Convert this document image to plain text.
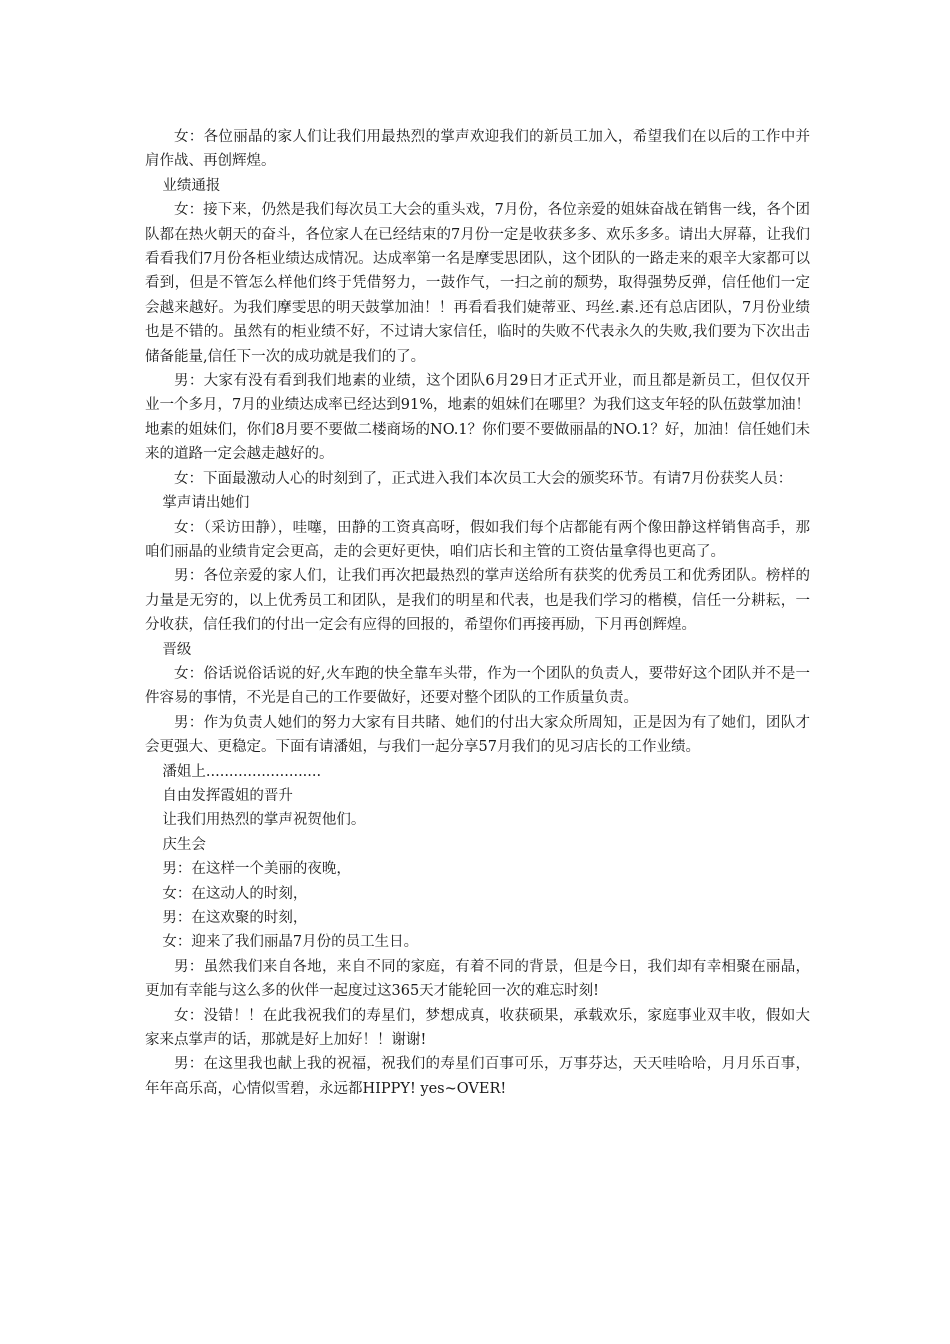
女：各位丽晶的家人们让我们用最热烈的掌声欢迎我们的新员工加入，希望我们在以后的工作中并肩作战、再创辉煌。

业绩通报

女：接下来，仍然是我们每次员工大会的重头戏，7月份，各位亲爱的姐妹奋战在销售一线，各个团队都在热火朝天的奋斗，各位家人在已经结束的7月份一定是收获多多、欢乐多多。请出大屏幕，让我们看看我们7月份各柜业绩达成情况。达成率第一名是摩雯思团队，这个团队的一路走来的艰辛大家都可以看到，但是不管怎么样他们终于凭借努力，一鼓作气，一扫之前的颓势，取得强势反弹，信任他们一定会越来越好。为我们摩雯思的明天鼓掌加油！！再看看我们婕蒂亚、玛丝.素.还有总店团队，7月份业绩也是不错的。虽然有的柜业绩不好，不过请大家信任，临时的失败不代表永久的失败,我们要为下次出击储备能量,信任下一次的成功就是我们的了。

男：大家有没有看到我们地素的业绩，这个团队6月29日才正式开业，而且都是新员工，但仅仅开业一个多月，7月的业绩达成率已经达到91%，地素的姐妹们在哪里？为我们这支年轻的队伍鼓掌加油！地素的姐妹们，你们8月要不要做二楼商场的NO.1？你们要不要做丽晶的NO.1？好，加油！信任她们未来的道路一定会越走越好的。

女：下面最激动人心的时刻到了，正式进入我们本次员工大会的颁奖环节。有请7月份获奖人员：

掌声请出她们

女：（采访田静），哇噻，田静的工资真高呀，假如我们每个店都能有两个像田静这样销售高手，那咱们丽晶的业绩肯定会更高，走的会更好更快，咱们店长和主管的工资估量拿得也更高了。

男：各位亲爱的家人们，让我们再次把最热烈的掌声送给所有获奖的优秀员工和优秀团队。榜样的力量是无穷的，以上优秀员工和团队，是我们的明星和代表，也是我们学习的楷模，信任一分耕耘，一分收获，信任我们的付出一定会有应得的回报的，希望你们再接再励，下月再创辉煌。

晋级

女：俗话说俗话说的好,火车跑的快全靠车头带，作为一个团队的负责人，要带好这个团队并不是一件容易的事情，不光是自己的工作要做好，还要对整个团队的工作质量负责。

男：作为负责人她们的努力大家有目共睹、她们的付出大家众所周知，正是因为有了她们，团队才会更强大、更稳定。下面有请潘姐，与我们一起分享57月我们的见习店长的工作业绩。

潘姐上.........................

自由发挥霞姐的晋升

让我们用热烈的掌声祝贺他们。

庆生会

男：在这样一个美丽的夜晚，

女：在这动人的时刻，

男：在这欢聚的时刻，

女：迎来了我们丽晶7月份的员工生日。

男：虽然我们来自各地，来自不同的家庭，有着不同的背景，但是今日，我们却有幸相聚在丽晶，更加有幸能与这么多的伙伴一起度过这365天才能轮回一次的难忘时刻!

女：没错！！在此我祝我们的寿星们，梦想成真，收获硕果，承载欢乐，家庭事业双丰收，假如大家来点掌声的话，那就是好上加好！！谢谢!

男：在这里我也献上我的祝福，祝我们的寿星们百事可乐，万事芬达，天天哇哈哈，月月乐百事，年年高乐高，心情似雪碧，永远都HIPPY! yes~OVER!
